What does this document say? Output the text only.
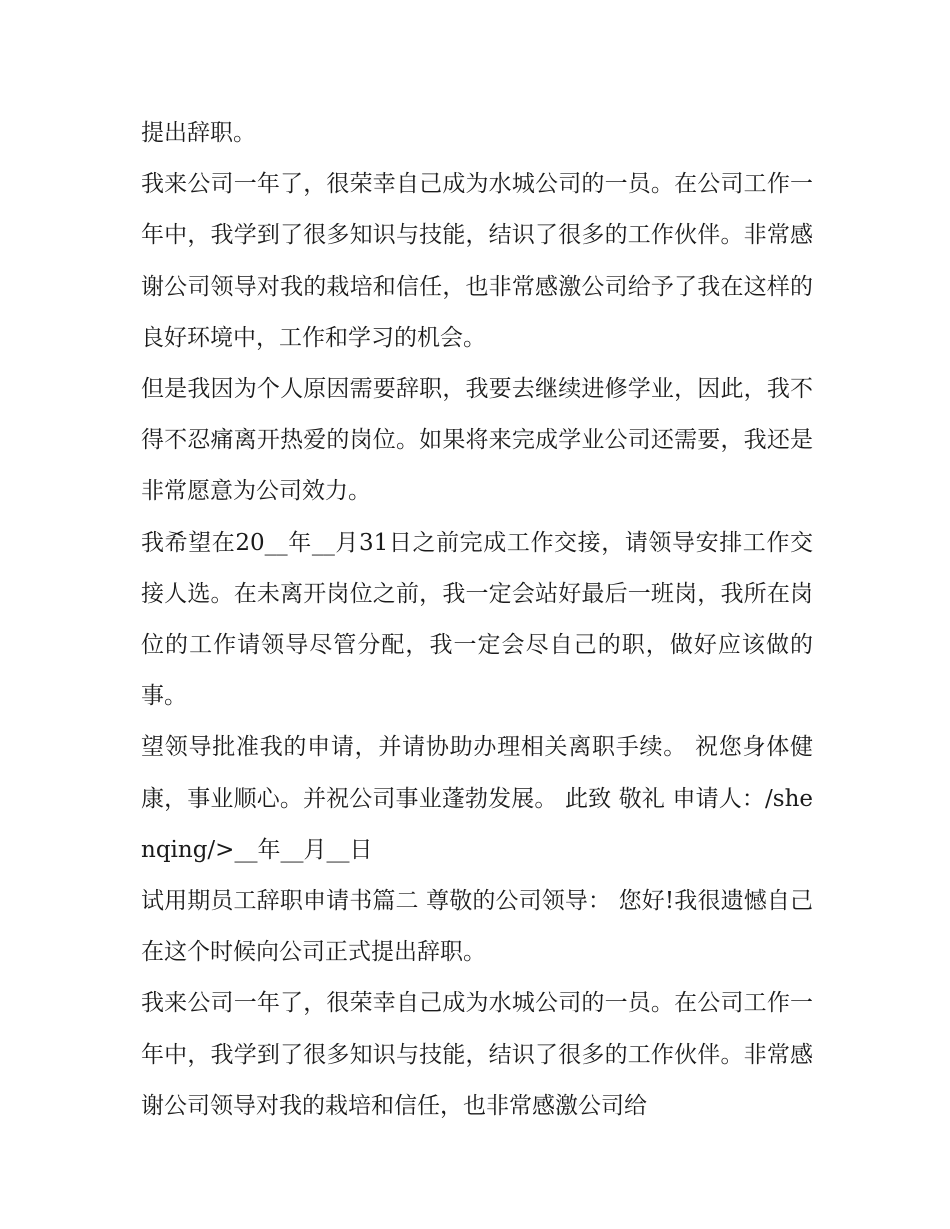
提出辞职。

我来公司一年了，很荣幸自己成为水城公司的一员。在公司工作一年中，我学到了很多知识与技能，结识了很多的工作伙伴。非常感谢公司领导对我的栽培和信任，也非常感激公司给予了我在这样的良好环境中，工作和学习的机会。

但是我因为个人原因需要辞职，我要去继续进修学业，因此，我不得不忍痛离开热爱的岗位。如果将来完成学业公司还需要，我还是非常愿意为公司效力。

我希望在20__年__月31日之前完成工作交接，请领导安排工作交接人选。在未离开岗位之前，我一定会站好最后一班岗，我所在岗位的工作请领导尽管分配，我一定会尽自己的职，做好应该做的事。

望领导批准我的申请，并请协助办理相关离职手续。 祝您身体健康，事业顺心。并祝公司事业蓬勃发展。 此致 敬礼 申请人：/shenqing/>__年__月__日

试用期员工辞职申请书篇二 尊敬的公司领导： 您好!我很遗憾自己在这个时候向公司正式提出辞职。

我来公司一年了，很荣幸自己成为水城公司的一员。在公司工作一年中，我学到了很多知识与技能，结识了很多的工作伙伴。非常感谢公司领导对我的栽培和信任，也非常感激公司给
